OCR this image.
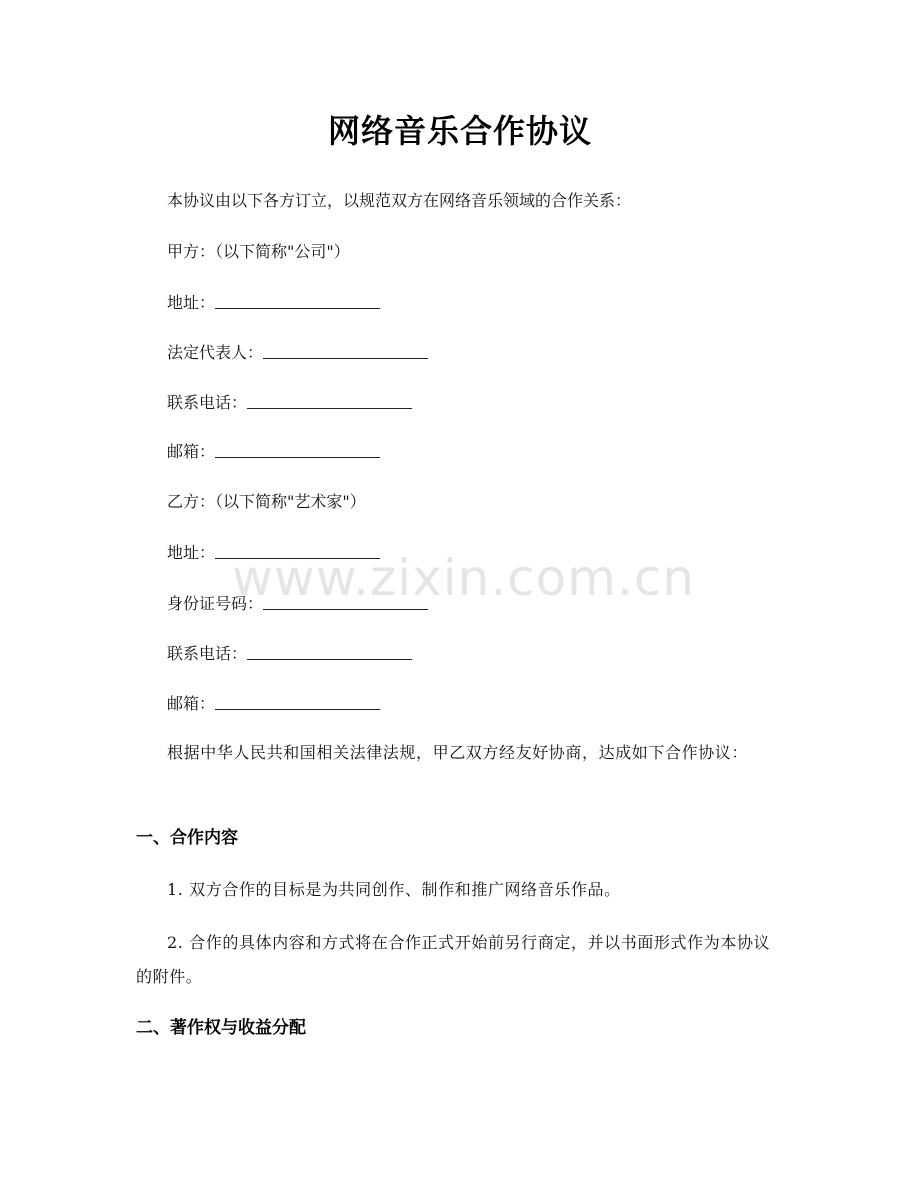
网络音乐合作协议
本协议由以下各方订立，以规范双方在网络音乐领域的合作关系：
甲方：（以下简称"公司"）
地址：
法定代表人：
联系电话：
邮箱：
乙方：（以下简称"艺术家"）
地址：
身份证号码：
联系电话：
邮箱：
根据中华人民共和国相关法律法规，甲乙双方经友好协商，达成如下合作协议：
一、合作内容
1. 双方合作的目标是为共同创作、制作和推广网络音乐作品。
2. 合作的具体内容和方式将在合作正式开始前另行商定，并以书面形式作为本协议的附件。
二、著作权与收益分配
www.zixin.com.cn
